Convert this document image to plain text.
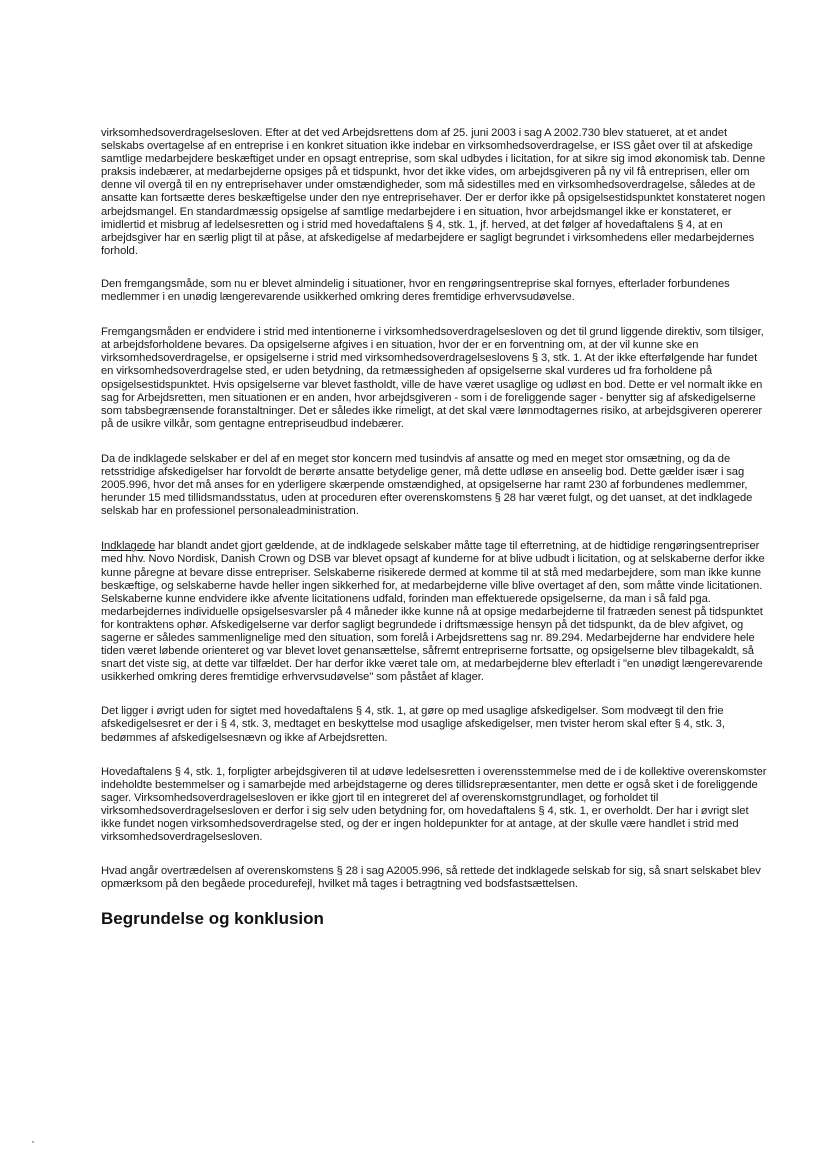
virksomhedsoverdragelsesloven. Efter at det ved Arbejdsrettens dom af 25. juni 2003 i sag A 2002.730 blev statueret, at et andet selskabs overtagelse af en entreprise i en konkret situation ikke indebar en virksomhedsoverdragelse, er ISS gået over til at afskedige samtlige medarbejdere beskæftiget under en opsagt entreprise, som skal udbydes i licitation, for at sikre sig imod økonomisk tab. Denne praksis indebærer, at medarbejderne opsiges på et tidspunkt, hvor det ikke vides, om arbejdsgiveren på ny vil få entreprisen, eller om denne vil overgå til en ny entreprisehaver under omstændigheder, som må sidestilles med en virksomhedsoverdragelse, således at de ansatte kan fortsætte deres beskæftigelse under den nye entreprisehaver. Der er derfor ikke på opsigelsestidspunktet konstateret nogen arbejdsmangel. En standardmæssig opsigelse af samtlige medarbejdere i en situation, hvor arbejdsmangel ikke er konstateret, er imidlertid et misbrug af ledelsesretten og i strid med hovedaftalens § 4, stk. 1, jf. herved, at det følger af hovedaftalens § 4, at en arbejdsgiver har en særlig pligt til at påse, at afskedigelse af medarbejdere er sagligt begrundet i virksomhedens eller medarbejdernes forhold.

Den fremgangsmåde, som nu er blevet almindelig i situationer, hvor en rengøringsentreprise skal fornyes, efterlader forbundenes medlemmer i en unødig længerevarende usikkerhed omkring deres fremtidige erhvervsudøvelse.

Fremgangsmåden er endvidere i strid med intentionerne i virksomhedsoverdragelsesloven og det til grund liggende direktiv, som tilsiger, at arbejdsforholdene bevares. Da opsigelserne afgives i en situation, hvor der er en forventning om, at der vil kunne ske en virksomhedsoverdragelse, er opsigelserne i strid med virksomhedsoverdragelseslovens § 3, stk. 1. At der ikke efterfølgende har fundet en virksomhedsoverdragelse sted, er uden betydning, da retmæssigheden af opsigelserne skal vurderes ud fra forholdene på opsigelsestidspunktet. Hvis opsigelserne var blevet fastholdt, ville de have været usaglige og udløst en bod. Dette er vel normalt ikke en sag for Arbejdsretten, men situationen er en anden, hvor arbejdsgiveren - som i de foreliggende sager - benytter sig af afskedigelserne som tabsbegrænsende foranstaltninger. Det er således ikke rimeligt, at det skal være lønmodtagernes risiko, at arbejdsgiveren opererer på de usikre vilkår, som gentagne entrepriseudbud indebærer.

Da de indklagede selskaber er del af en meget stor koncern med tusindvis af ansatte og med en meget stor omsætning, og da de retsstridige afskedigelser har forvoldt de berørte ansatte betydelige gener, må dette udløse en anseelig bod. Dette gælder især i sag 2005.996, hvor det må anses for en yderligere skærpende omstændighed, at opsigelserne har ramt 230 af forbundenes medlemmer, herunder 15 med tillidsmandsstatus, uden at proceduren efter overenskomstens § 28 har været fulgt, og det uanset, at det indklagede selskab har en professionel personaleadministration.

Indklagede har blandt andet gjort gældende, at de indklagede selskaber måtte tage til efterretning, at de hidtidige rengøringsentrepriser med hhv. Novo Nordisk, Danish Crown og DSB var blevet opsagt af kunderne for at blive udbudt i licitation, og at selskaberne derfor ikke kunne påregne at bevare disse entrepriser. Selskaberne risikerede dermed at komme til at stå med medarbejdere, som man ikke kunne beskæftige, og selskaberne havde heller ingen sikkerhed for, at medarbejderne ville blive overtaget af den, som måtte vinde licitationen. Selskaberne kunne endvidere ikke afvente licitationens udfald, forinden man effektuerede opsigelserne, da man i så fald pga. medarbejdernes individuelle opsigelsesvarsler på 4 måneder ikke kunne nå at opsige medarbejderne til fratræden senest på tidspunktet for kontraktens ophør. Afskedigelserne var derfor sagligt begrundede i driftsmæssige hensyn på det tidspunkt, da de blev afgivet, og sagerne er således sammenlignelige med den situation, som forelå i Arbejdsrettens sag nr. 89.294. Medarbejderne har endvidere hele tiden været løbende orienteret og var blevet lovet genansættelse, såfremt entrepriserne fortsatte, og opsigelserne blev tilbagekaldt, så snart det viste sig, at dette var tilfældet. Der har derfor ikke været tale om, at medarbejderne blev efterladt i "en unødigt længerevarende usikkerhed omkring deres fremtidige erhvervsudøvelse" som påstået af klager.

Det ligger i øvrigt uden for sigtet med hovedaftalens § 4, stk. 1, at gøre op med usaglige afskedigelser. Som modvægt til den frie afskedigelsesret er der i § 4, stk. 3, medtaget en beskyttelse mod usaglige afskedigelser, men tvister herom skal efter § 4, stk. 3, bedømmes af afskedigelsesnævn og ikke af Arbejdsretten.

Hovedaftalens § 4, stk. 1, forpligter arbejdsgiveren til at udøve ledelsesretten i overensstemmelse med de i de kollektive overenskomster indeholdte bestemmelser og i samarbejde med arbejdstagerne og deres tillidsrepræsentanter, men dette er også sket i de foreliggende sager. Virksomhedsoverdragelsesloven er ikke gjort til en integreret del af overenskomstgrundlaget, og forholdet til virksomhedsoverdragelsesloven er derfor i sig selv uden betydning for, om hovedaftalens § 4, stk. 1, er overholdt. Der har i øvrigt slet ikke fundet nogen virksomhedsoverdragelse sted, og der er ingen holdepunkter for at antage, at der skulle være handlet i strid med virksomhedsoverdragelsesloven.

Hvad angår overtrædelsen af overenskomstens § 28 i sag A2005.996, så rettede det indklagede selskab for sig, så snart selskabet blev opmærksom på den begåede procedurefejl, hvilket må tages i betragtning ved bodsfastsættelsen.

Begrundelse og konklusion
